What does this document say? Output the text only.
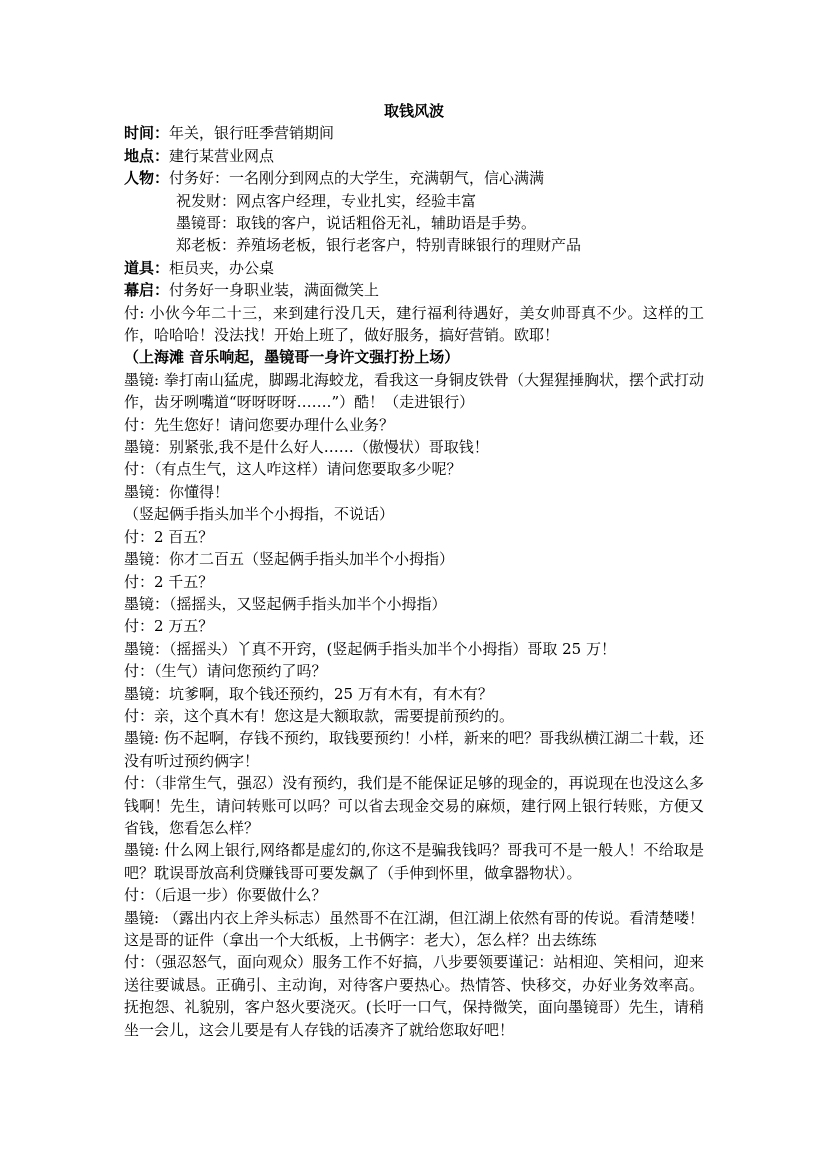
取钱风波

时间：年关，银行旺季营销期间

地点：建行某营业网点

人物：付务好：一名刚分到网点的大学生，充满朝气，信心满满

祝发财：网点客户经理，专业扎实，经验丰富

墨镜哥：取钱的客户，说话粗俗无礼，辅助语是手势。

郑老板：养殖场老板，银行老客户，特别青睐银行的理财产品

道具：柜员夹，办公桌

幕启：付务好一身职业装，满面微笑上

付: 小伙今年二十三，来到建行没几天，建行福利待遇好，美女帅哥真不少。这样的工作，哈哈哈！没法找！开始上班了，做好服务，搞好营销。欧耶！

（上海滩 音乐响起，墨镜哥一身许文强打扮上场）

墨镜: 拳打南山猛虎，脚踢北海蛟龙，看我这一身铜皮铁骨（大猩猩捶胸状，摆个武打动作，齿牙咧嘴道“呀呀呀呀…….”）酷！（走进银行）

付：先生您好！请问您要办理什么业务？

墨镜：别紧张,我不是什么好人……（傲慢状）哥取钱！

付：（有点生气，这人咋这样）请问您要取多少呢？

墨镜：你懂得！

（竖起俩手指头加半个小拇指，不说话）

付：2 百五？

墨镜：你才二百五（竖起俩手指头加半个小拇指）

付：2 千五？

墨镜：（摇摇头，又竖起俩手指头加半个小拇指）

付：2 万五？

墨镜：（摇摇头）丫真不开窍，(竖起俩手指头加半个小拇指）哥取 25 万！

付：（生气）请问您预约了吗？

墨镜：坑爹啊，取个钱还预约，25 万有木有，有木有？

付：亲，这个真木有！您这是大额取款，需要提前预约的。

墨镜: 伤不起啊，存钱不预约，取钱要预约！小样，新来的吧？哥我纵横江湖二十载，还没有听过预约俩字！

付：（非常生气，强忍）没有预约，我们是不能保证足够的现金的，再说现在也没这么多钱啊！先生，请问转账可以吗？可以省去现金交易的麻烦，建行网上银行转账，方便又省钱，您看怎么样？

墨镜: 什么网上银行,网络都是虚幻的,你这不是骗我钱吗？哥我可不是一般人！不给取是吧？耽误哥放高利贷赚钱哥可要发飙了（手伸到怀里，做拿器物状）。

付：（后退一步）你要做什么？

墨镜: （露出内衣上斧头标志）虽然哥不在江湖，但江湖上依然有哥的传说。看清楚喽！这是哥的证件（拿出一个大纸板，上书俩字：老大），怎么样？出去练练

付：（强忍怒气，面向观众）服务工作不好搞，八步要领要谨记：站相迎、笑相问，迎来送往要诚恳。正确引、主动询，对待客户要热心。热情答、快移交，办好业务效率高。抚抱怨、礼貌别，客户怒火要浇灭。(长吁一口气，保持微笑，面向墨镜哥）先生，请稍坐一会儿，这会儿要是有人存钱的话凑齐了就给您取好吧！
